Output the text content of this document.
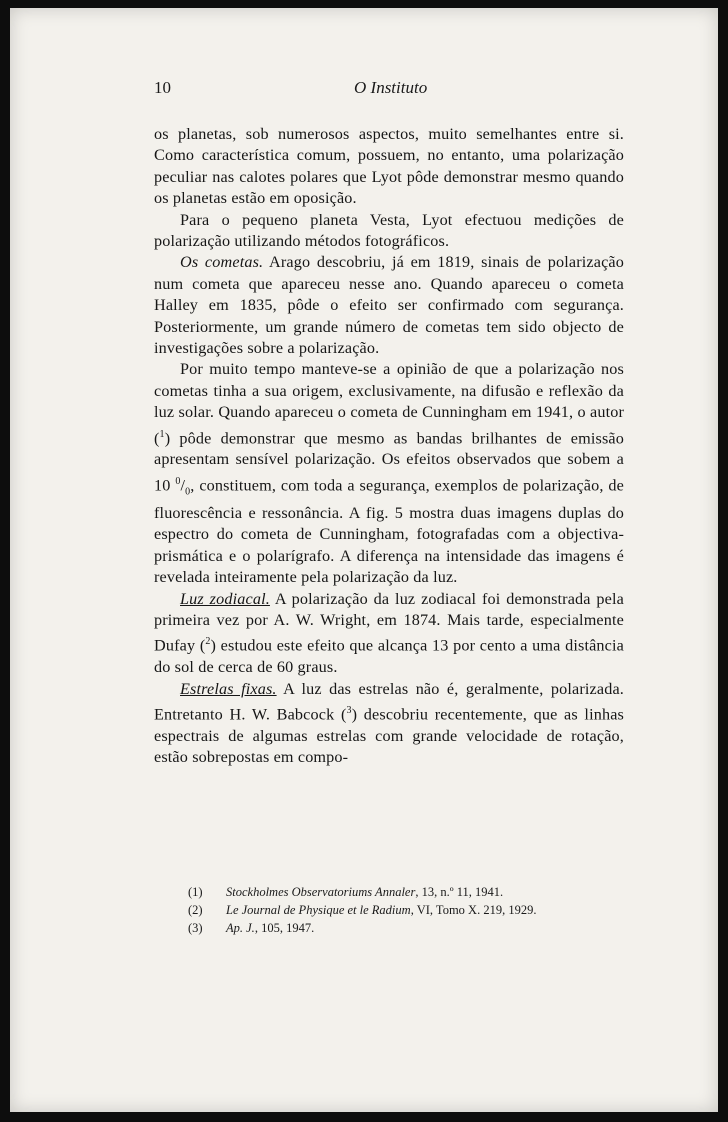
10	O Instituto

os planetas, sob numerosos aspectos, muito semelhantes entre si. Como característica comum, possuem, no entanto, uma polarização peculiar nas calotes polares que Lyot pôde demonstrar mesmo quando os planetas estão em oposição.

Para o pequeno planeta Vesta, Lyot efectuou medições de polarização utilizando métodos fotográficos.

Os cometas. Arago descobriu, já em 1819, sinais de polarização num cometa que apareceu nesse ano. Quando apareceu o cometa Halley em 1835, pôde o efeito ser confirmado com segurança. Posteriormente, um grande número de cometas tem sido objecto de investigações sobre a polarização.

Por muito tempo manteve-se a opinião de que a polarização nos cometas tinha a sua origem, exclusivamente, na difusão e reflexão da luz solar. Quando apareceu o cometa de Cunningham em 1941, o autor ($^1$) pôde demonstrar que mesmo as bandas brilhantes de emissão apresentam sensível polarização. Os efeitos observados que sobem a 10 $^0/_0$, constituem, com toda a segurança, exemplos de polarização, de fluorescência e ressonância. A fig. 5 mostra duas imagens duplas do espectro do cometa de Cunningham, fotografadas com a objectiva-prismática e o polarígrafo. A diferença na intensidade das imagens é revelada inteiramente pela polarização da luz.

Luz zodiacal. A polarização da luz zodiacal foi demonstrada pela primeira vez por A. W. Wright, em 1874. Mais tarde, especialmente Dufay ($^2$) estudou este efeito que alcança 13 por cento a uma distância do sol de cerca de 60 graus.

Estrelas fixas. A luz das estrelas não é, geralmente, polarizada. Entretanto H. W. Babcock ($^3$) descobriu recentemente, que as linhas espectrais de algumas estrelas com grande velocidade de rotação, estão sobrepostas em compo-

(1) Stockholmes Observatoriums Annaler, 13, n.º 11, 1941.
(2) Le Journal de Physique et le Radium, VI, Tomo X. 219, 1929.
(3) Ap. J., 105, 1947.
